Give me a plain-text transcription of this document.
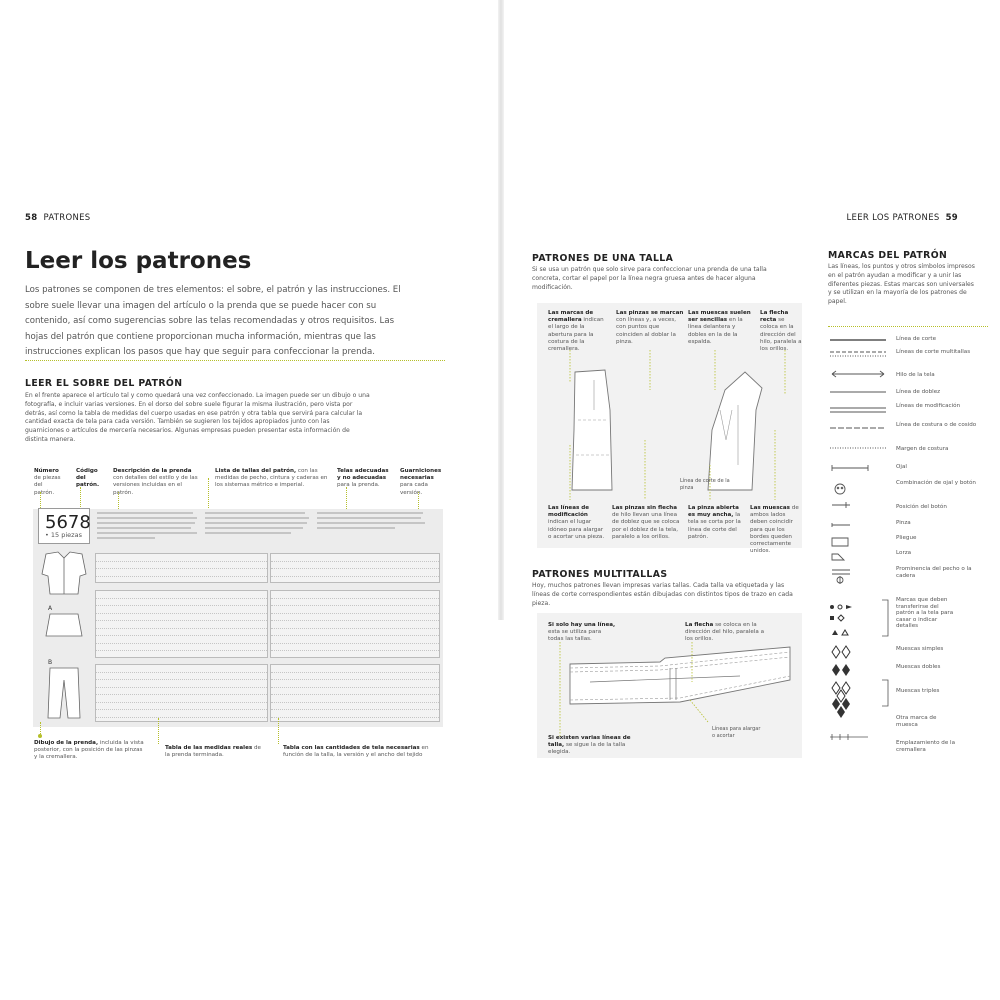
58 PATRONES	LEER LOS PATRONES 59
Leer los patrones

Los patrones se componen de tres elementos: el sobre, el patrón y las instrucciones. El sobre suele llevar una imagen del artículo o la prenda que se puede hacer con su contenido, así como sugerencias sobre las telas recomendadas y otros requisitos. Las hojas del patrón que contiene proporcionan mucha información, mientras que las instrucciones explican los pasos que hay que seguir para confeccionar la prenda.

LEER EL SOBRE DEL PATRÓN

En el frente aparece el artículo tal y como quedará una vez confeccionado. La imagen puede ser un dibujo o una fotografía, e incluir varias versiones. En el dorso del sobre suele figurar la misma ilustración, pero vista por detrás, así como la tabla de medidas del cuerpo usadas en ese patrón y otra tabla que servirá para calcular la cantidad exacta de tela para cada versión. También se sugieren los tejidos apropiados junto con las guarniciones o artículos de mercería necesarios. Algunas empresas pueden presentar esta información de distinta manera.

Número de piezas del patrón.
Código del patrón.
Descripción de la prenda con detalles del estilo y de las versiones incluidas en el patrón.
Lista de tallas del patrón, con las medidas de pecho, cintura y caderas en los sistemas métrico e imperial.
Telas adecuadas y no adecuadas para la prenda.
Guarniciones necesarias para cada versión.
5678
• 15 piezas
A
B
Dibujo de la prenda, incluida la vista posterior, con la posición de las pinzas y la cremallera.
Tabla de las medidas reales de la prenda terminada.
Tabla con las cantidades de tela necesarias en función de la talla, la versión y el ancho del tejido
PATRONES DE UNA TALLA

Si se usa un patrón que solo sirve para confeccionar una prenda de una talla concreta, cortar el papel por la línea negra gruesa antes de hacer alguna modificación.

Las marcas de cremallera indican el largo de la abertura para la costura de la cremallera.
Las pinzas se marcan con líneas y, a veces, con puntos que coinciden al doblar la pinza.
Las muescas suelen ser sencillas en la línea delantera y dobles en la de la espalda.
La flecha recta se coloca en la dirección del hilo, paralela a los orillos.
Línea de corte de la pinza
Las líneas de modificación indican el lugar idóneo para alargar o acortar una pieza.
Las pinzas sin flecha de hilo llevan una línea de doblez que se coloca por el doblez de la tela, paralelo a los orillos.
La pinza abierta es muy ancha, la tela se corta por la línea de corte del patrón.
Las muescas de ambos lados deben coincidir para que los bordes queden correctamente unidos.
PATRONES MULTITALLAS

Hoy, muchos patrones llevan impresas varias tallas. Cada talla va etiquetada y las líneas de corte correspondientes están dibujadas con distintos tipos de trazo en cada pieza.

Si solo hay una línea, esta se utiliza para todas las tallas.
La flecha se coloca en la dirección del hilo, paralela a los orillos.
Líneas para alargar o acortar
Si existen varias líneas de talla, se sigue la de la talla elegida.
MARCAS DEL PATRÓN

Las líneas, los puntos y otros símbolos impresos en el patrón ayudan a modificar y a unir las diferentes piezas. Estas marcas son universales y se utilizan en la mayoría de los patrones de papel.

Línea de corte
Líneas de corte multitallas
Hilo de la tela
Línea de doblez
Líneas de modificación
Línea de costura o de cosido
Margen de costura
Ojal
Combinación de ojal y botón
Posición del botón
Pinza
Pliegue
Lorza
Prominencia del pecho o la cadera
Marcas que deben transferirse del patrón a la tela para casar o indicar detalles
Muescas simples
Muescas dobles
Muescas triples
Otra marca de muesca
Emplazamiento de la cremallera
